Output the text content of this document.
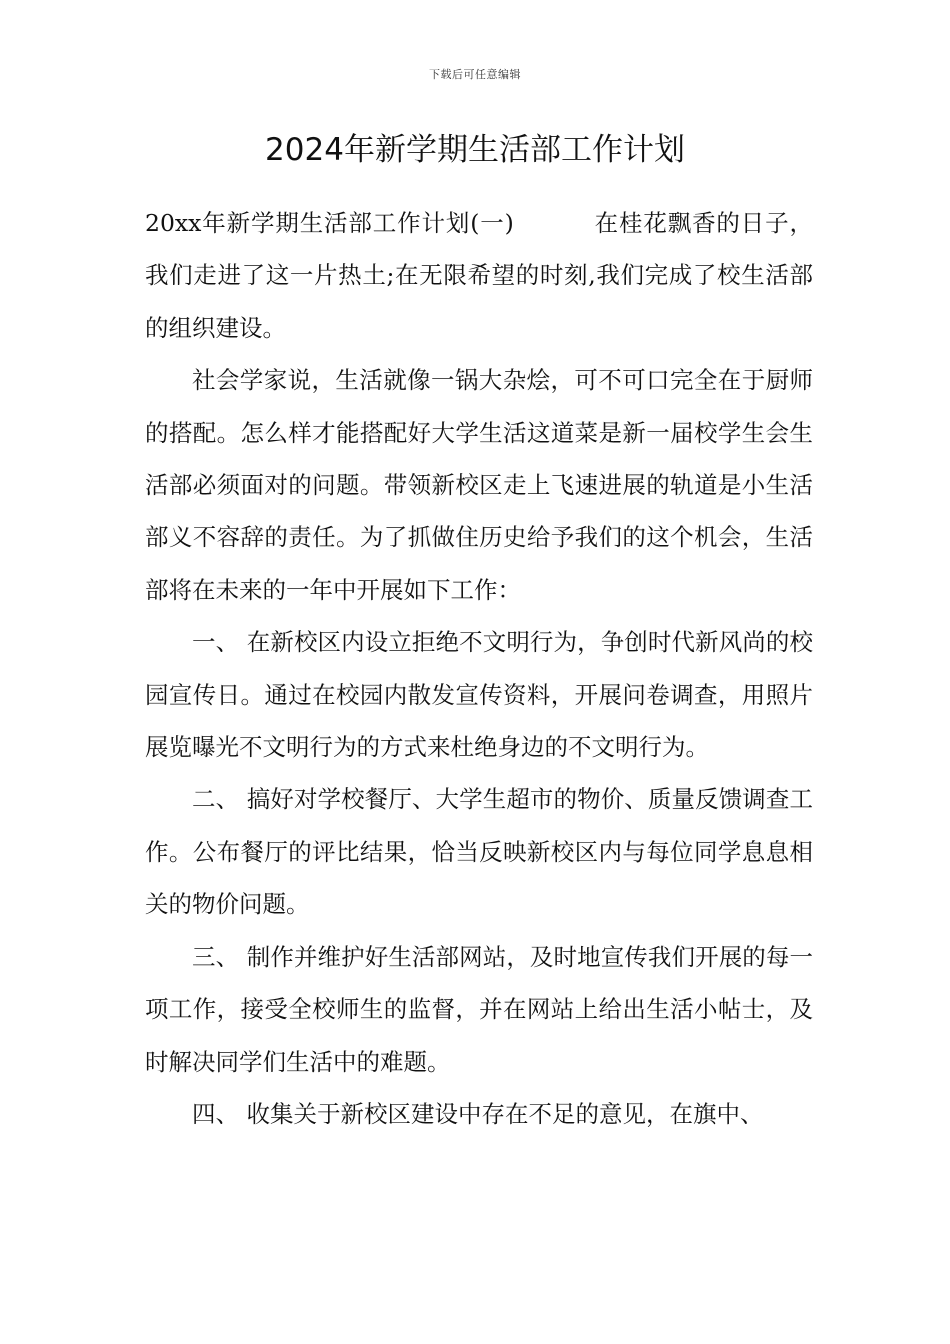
下载后可任意编辑
2024年新学期生活部工作计划

20xx年新学期生活部工作计划(一)	在桂花飘香的日子，我们走进了这一片热土;在无限希望的时刻,我们完成了校生活部的组织建设。

社会学家说，生活就像一锅大杂烩，可不可口完全在于厨师的搭配。怎么样才能搭配好大学生活这道菜是新一届校学生会生活部必须面对的问题。带领新校区走上飞速进展的轨道是小生活部义不容辞的责任。为了抓做住历史给予我们的这个机会，生活部将在未来的一年中开展如下工作：

一、 在新校区内设立拒绝不文明行为，争创时代新风尚的校园宣传日。通过在校园内散发宣传资料，开展问卷调查，用照片展览曝光不文明行为的方式来杜绝身边的不文明行为。

二、 搞好对学校餐厅、大学生超市的物价、质量反馈调查工作。公布餐厅的评比结果，恰当反映新校区内与每位同学息息相关的物价问题。

三、 制作并维护好生活部网站，及时地宣传我们开展的每一项工作，接受全校师生的监督，并在网站上给出生活小帖士，及时解决同学们生活中的难题。

四、 收集关于新校区建设中存在不足的意见，在旗中、
